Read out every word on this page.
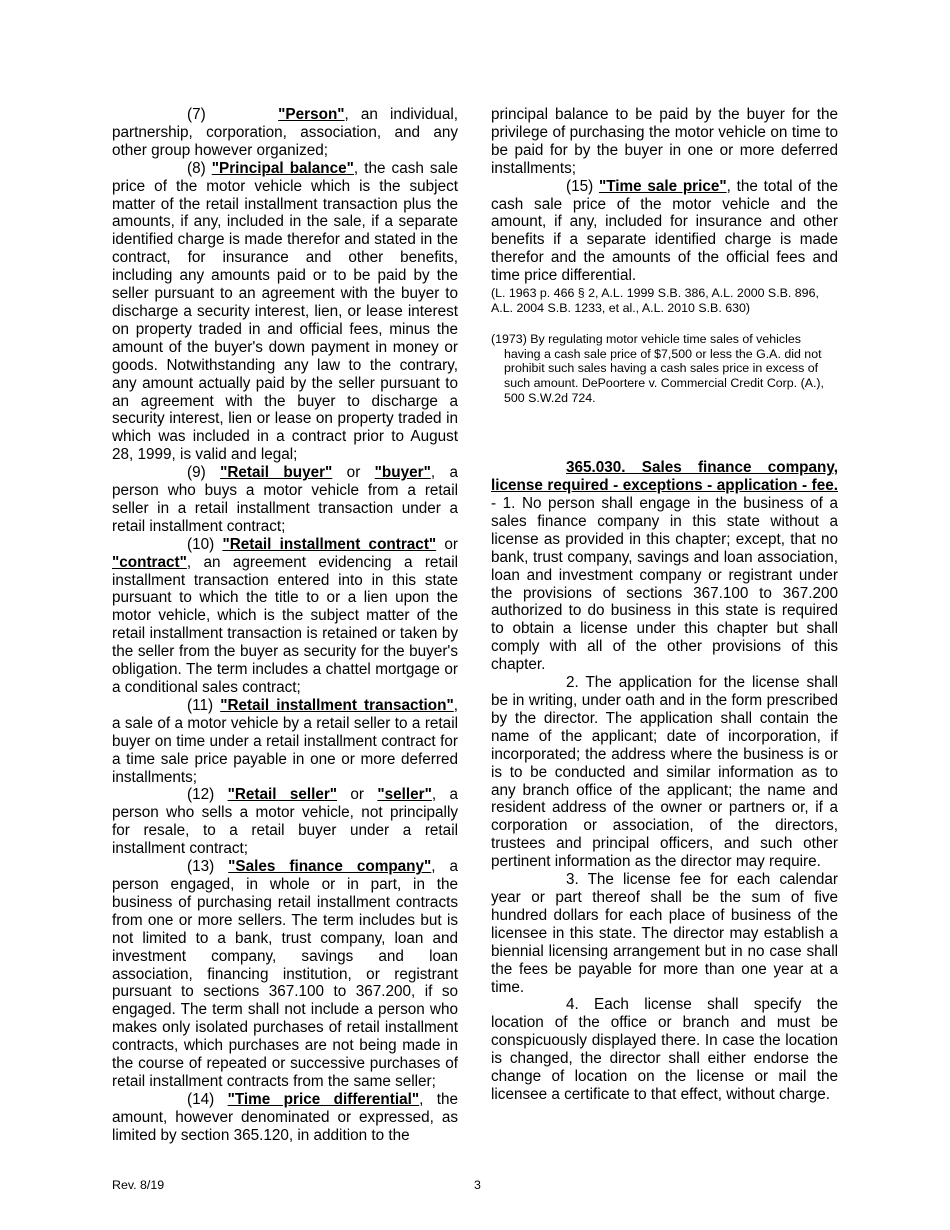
(7)	"Person", an individual, partnership, corporation, association, and any other group however organized;

(8) "Principal balance", the cash sale price of the motor vehicle which is the subject matter of the retail installment transaction plus the amounts, if any, included in the sale, if a separate identified charge is made therefor and stated in the contract, for insurance and other benefits, including any amounts paid or to be paid by the seller pursuant to an agreement with the buyer to discharge a security interest, lien, or lease interest on property traded in and official fees, minus the amount of the buyer's down payment in money or goods. Notwithstanding any law to the contrary, any amount actually paid by the seller pursuant to an agreement with the buyer to discharge a security interest, lien or lease on property traded in which was included in a contract prior to August 28, 1999, is valid and legal;

(9) "Retail buyer" or "buyer", a person who buys a motor vehicle from a retail seller in a retail installment transaction under a retail installment contract;

(10) "Retail installment contract" or "contract", an agreement evidencing a retail installment transaction entered into in this state pursuant to which the title to or a lien upon the motor vehicle, which is the subject matter of the retail installment transaction is retained or taken by the seller from the buyer as security for the buyer's obligation. The term includes a chattel mortgage or a conditional sales contract;

(11) "Retail installment transaction", a sale of a motor vehicle by a retail seller to a retail buyer on time under a retail installment contract for a time sale price payable in one or more deferred installments;

(12) "Retail seller" or "seller", a person who sells a motor vehicle, not principally for resale, to a retail buyer under a retail installment contract;

(13) "Sales finance company", a person engaged, in whole or in part, in the business of purchasing retail installment contracts from one or more sellers. The term includes but is not limited to a bank, trust company, loan and investment company, savings and loan association, financing institution, or registrant pursuant to sections 367.100 to 367.200, if so engaged. The term shall not include a person who makes only isolated purchases of retail installment contracts, which purchases are not being made in the course of repeated or successive purchases of retail installment contracts from the same seller;

(14) "Time price differential", the amount, however denominated or expressed, as limited by section 365.120, in addition to the

principal balance to be paid by the buyer for the privilege of purchasing the motor vehicle on time to be paid for by the buyer in one or more deferred installments;

(15) "Time sale price", the total of the cash sale price of the motor vehicle and the amount, if any, included for insurance and other benefits if a separate identified charge is made therefor and the amounts of the official fees and time price differential.

(L. 1963 p. 466 § 2, A.L. 1999 S.B. 386, A.L. 2000 S.B. 896, A.L. 2004 S.B. 1233, et al., A.L. 2010 S.B. 630)

(1973) By regulating motor vehicle time sales of vehicles having a cash sale price of $7,500 or less the G.A. did not prohibit such sales having a cash sales price in excess of such amount. DePoortere v. Commercial Credit Corp. (A.), 500 S.W.2d 724.

365.030. Sales finance company, license required - exceptions - application - fee. - 1. No person shall engage in the business of a sales finance company in this state without a license as provided in this chapter; except, that no bank, trust company, savings and loan association, loan and investment company or registrant under the provisions of sections 367.100 to 367.200 authorized to do business in this state is required to obtain a license under this chapter but shall comply with all of the other provisions of this chapter.

2. The application for the license shall be in writing, under oath and in the form prescribed by the director. The application shall contain the name of the applicant; date of incorporation, if incorporated; the address where the business is or is to be conducted and similar information as to any branch office of the applicant; the name and resident address of the owner or partners or, if a corporation or association, of the directors, trustees and principal officers, and such other pertinent information as the director may require.

3. The license fee for each calendar year or part thereof shall be the sum of five hundred dollars for each place of business of the licensee in this state. The director may establish a biennial licensing arrangement but in no case shall the fees be payable for more than one year at a time.

4. Each license shall specify the location of the office or branch and must be conspicuously displayed there. In case the location is changed, the director shall either endorse the change of location on the license or mail the licensee a certificate to that effect, without charge.

Rev. 8/19	3
